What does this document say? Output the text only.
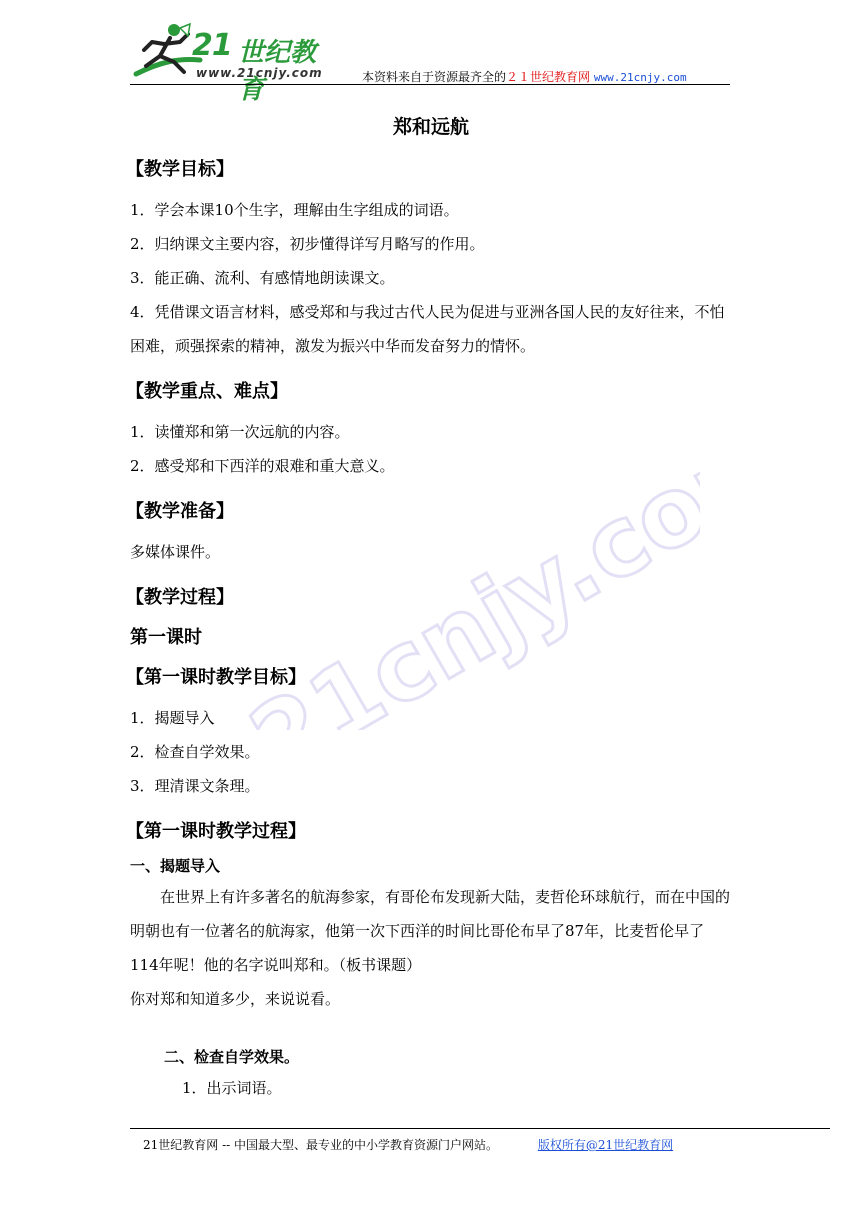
21 世纪教育
www.21cnjy.com	本资料来自于资源最齐全的２１世纪教育网 www.21cnjy.com
21cnjy.com
郑和远航
【教学目标】

1．学会本课10个生字，理解由生字组成的词语。

2．归纳课文主要内容，初步懂得详写月略写的作用。

3．能正确、流利、有感情地朗读课文。

4．凭借课文语言材料，感受郑和与我过古代人民为促进与亚洲各国人民的友好往来，不怕困难，顽强探索的精神，激发为振兴中华而发奋努力的情怀。

【教学重点、难点】

1．读懂郑和第一次远航的内容。

2．感受郑和下西洋的艰难和重大意义。

【教学准备】

多媒体课件。

【教学过程】
第一课时
【第一课时教学目标】

1．揭题导入

2．检查自学效果。

3．理清课文条理。

【第一课时教学过程】
一、揭题导入

在世界上有许多著名的航海参家，有哥伦布发现新大陆，麦哲伦环球航行，而在中国的明朝也有一位著名的航海家，他第一次下西洋的时间比哥伦布早了87年，比麦哲伦早了114年呢！他的名字说叫郑和。（板书课题）

你对郑和知道多少，来说说看。

二、检查自学效果。

1．出示词语。

21世纪教育网 -- 中国最大型、最专业的中小学教育资源门户网站。	版权所有@21世纪教育网
